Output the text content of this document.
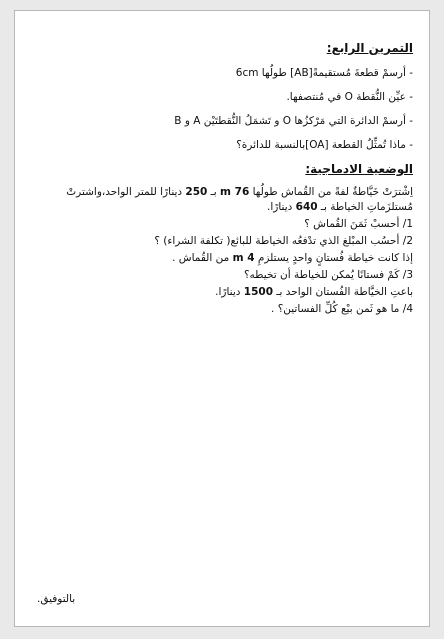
التمرين الرابع:
- أرسمْ قطعةَ مُستقيمةً[AB] طولُها 6cm
- عيِّن النُّقطة O في مُنتصفها.
- أرسمْ الدائرة التي مَرْكزُها O و تَشمَلُ النُّقطتَيْن A و B
- ماذا تُمثِّلُ القطعة [OA]بالنسبة للدائرة؟
الوضعية الادماجية:
اِشْترَتْ خَيَّاطةٌ لفةً من القُماش طولُها 76 m بـ 250 دينارًا للمتر الواحد،واشترتْ مُستلزَماتِ الخياطة بـ 640 دينارًا.
1/ أحسبْ ثَمَنَ القُماش ؟
2/ أحسُب المبْلغ الذي تدْفعُه الخياطة للبائع( تكلفة الشراء) ؟
إذا كانت خياطة فُستانٍ واحدٍ يستلزمِ 4 m من القُماش .
3/ كَمْ فستانًا يُمكن للخياطة أن تخيطه؟
باعتِ الخيَّاطة الفُستان الواحد بـ 1500 دينارًا.
4/ ما هو ثَمن بيْع كُلِّ الفساتين؟ .
بالتوفيق.
